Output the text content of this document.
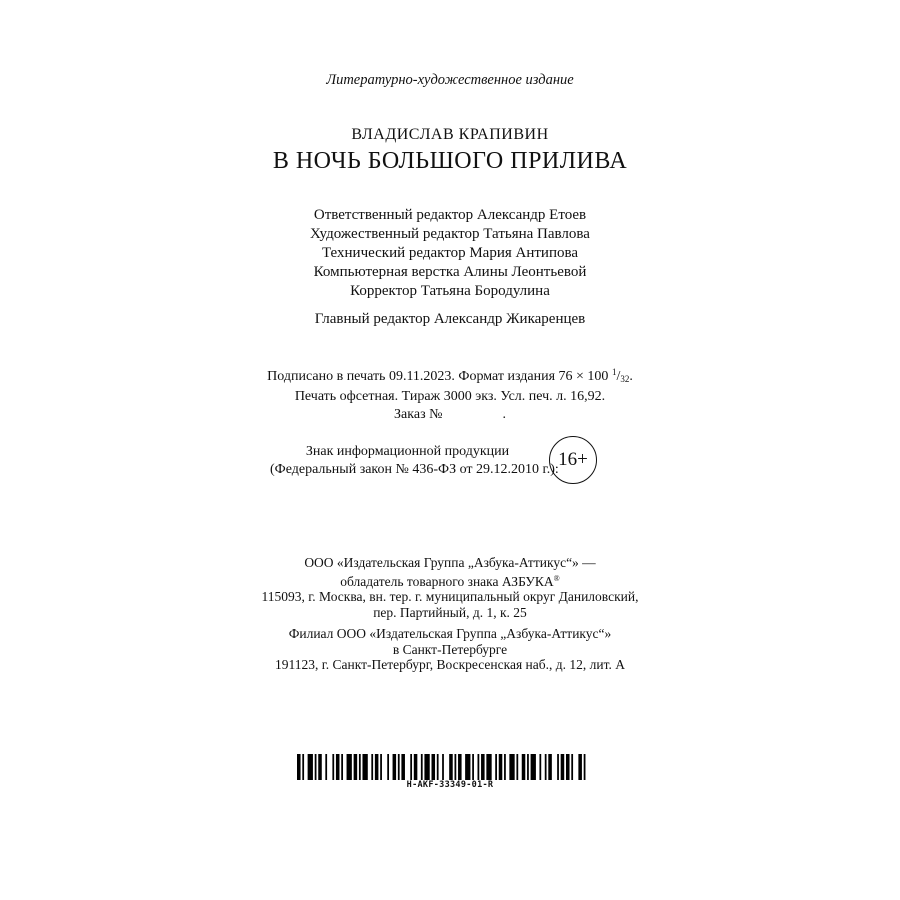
Литературно-художественное издание
ВЛАДИСЛАВ КРАПИВИН
В НОЧЬ БОЛЬШОГО ПРИЛИВА
Ответственный редактор Александр Етоев
Художественный редактор Татьяна Павлова
Технический редактор Мария Антипова
Компьютерная верстка Алины Леонтьевой
Корректор Татьяна Бородулина
Главный редактор Александр Жикаренцев
Подписано в печать 09.11.2023. Формат издания 76 × 100 $^1/_{32}$.
Печать офсетная. Тираж 3000 экз. Усл. печ. л. 16,92.
Заказ №	.
Знак информационной продукции
(Федеральный закон № 436-ФЗ от 29.12.2010 г.): 16+
ООО «Издательская Группа „Азбука-Аттикус“» —
обладатель товарного знака АЗБУКА®
115093, г. Москва, вн. тер. г. муниципальный округ Даниловский,
пер. Партийный, д. 1, к. 25
Филиал ООО «Издательская Группа „Азбука-Аттикус“»
в Санкт-Петербурге
191123, г. Санкт-Петербург, Воскресенская наб., д. 12, лит. А
H-AKF-33349-01-R
